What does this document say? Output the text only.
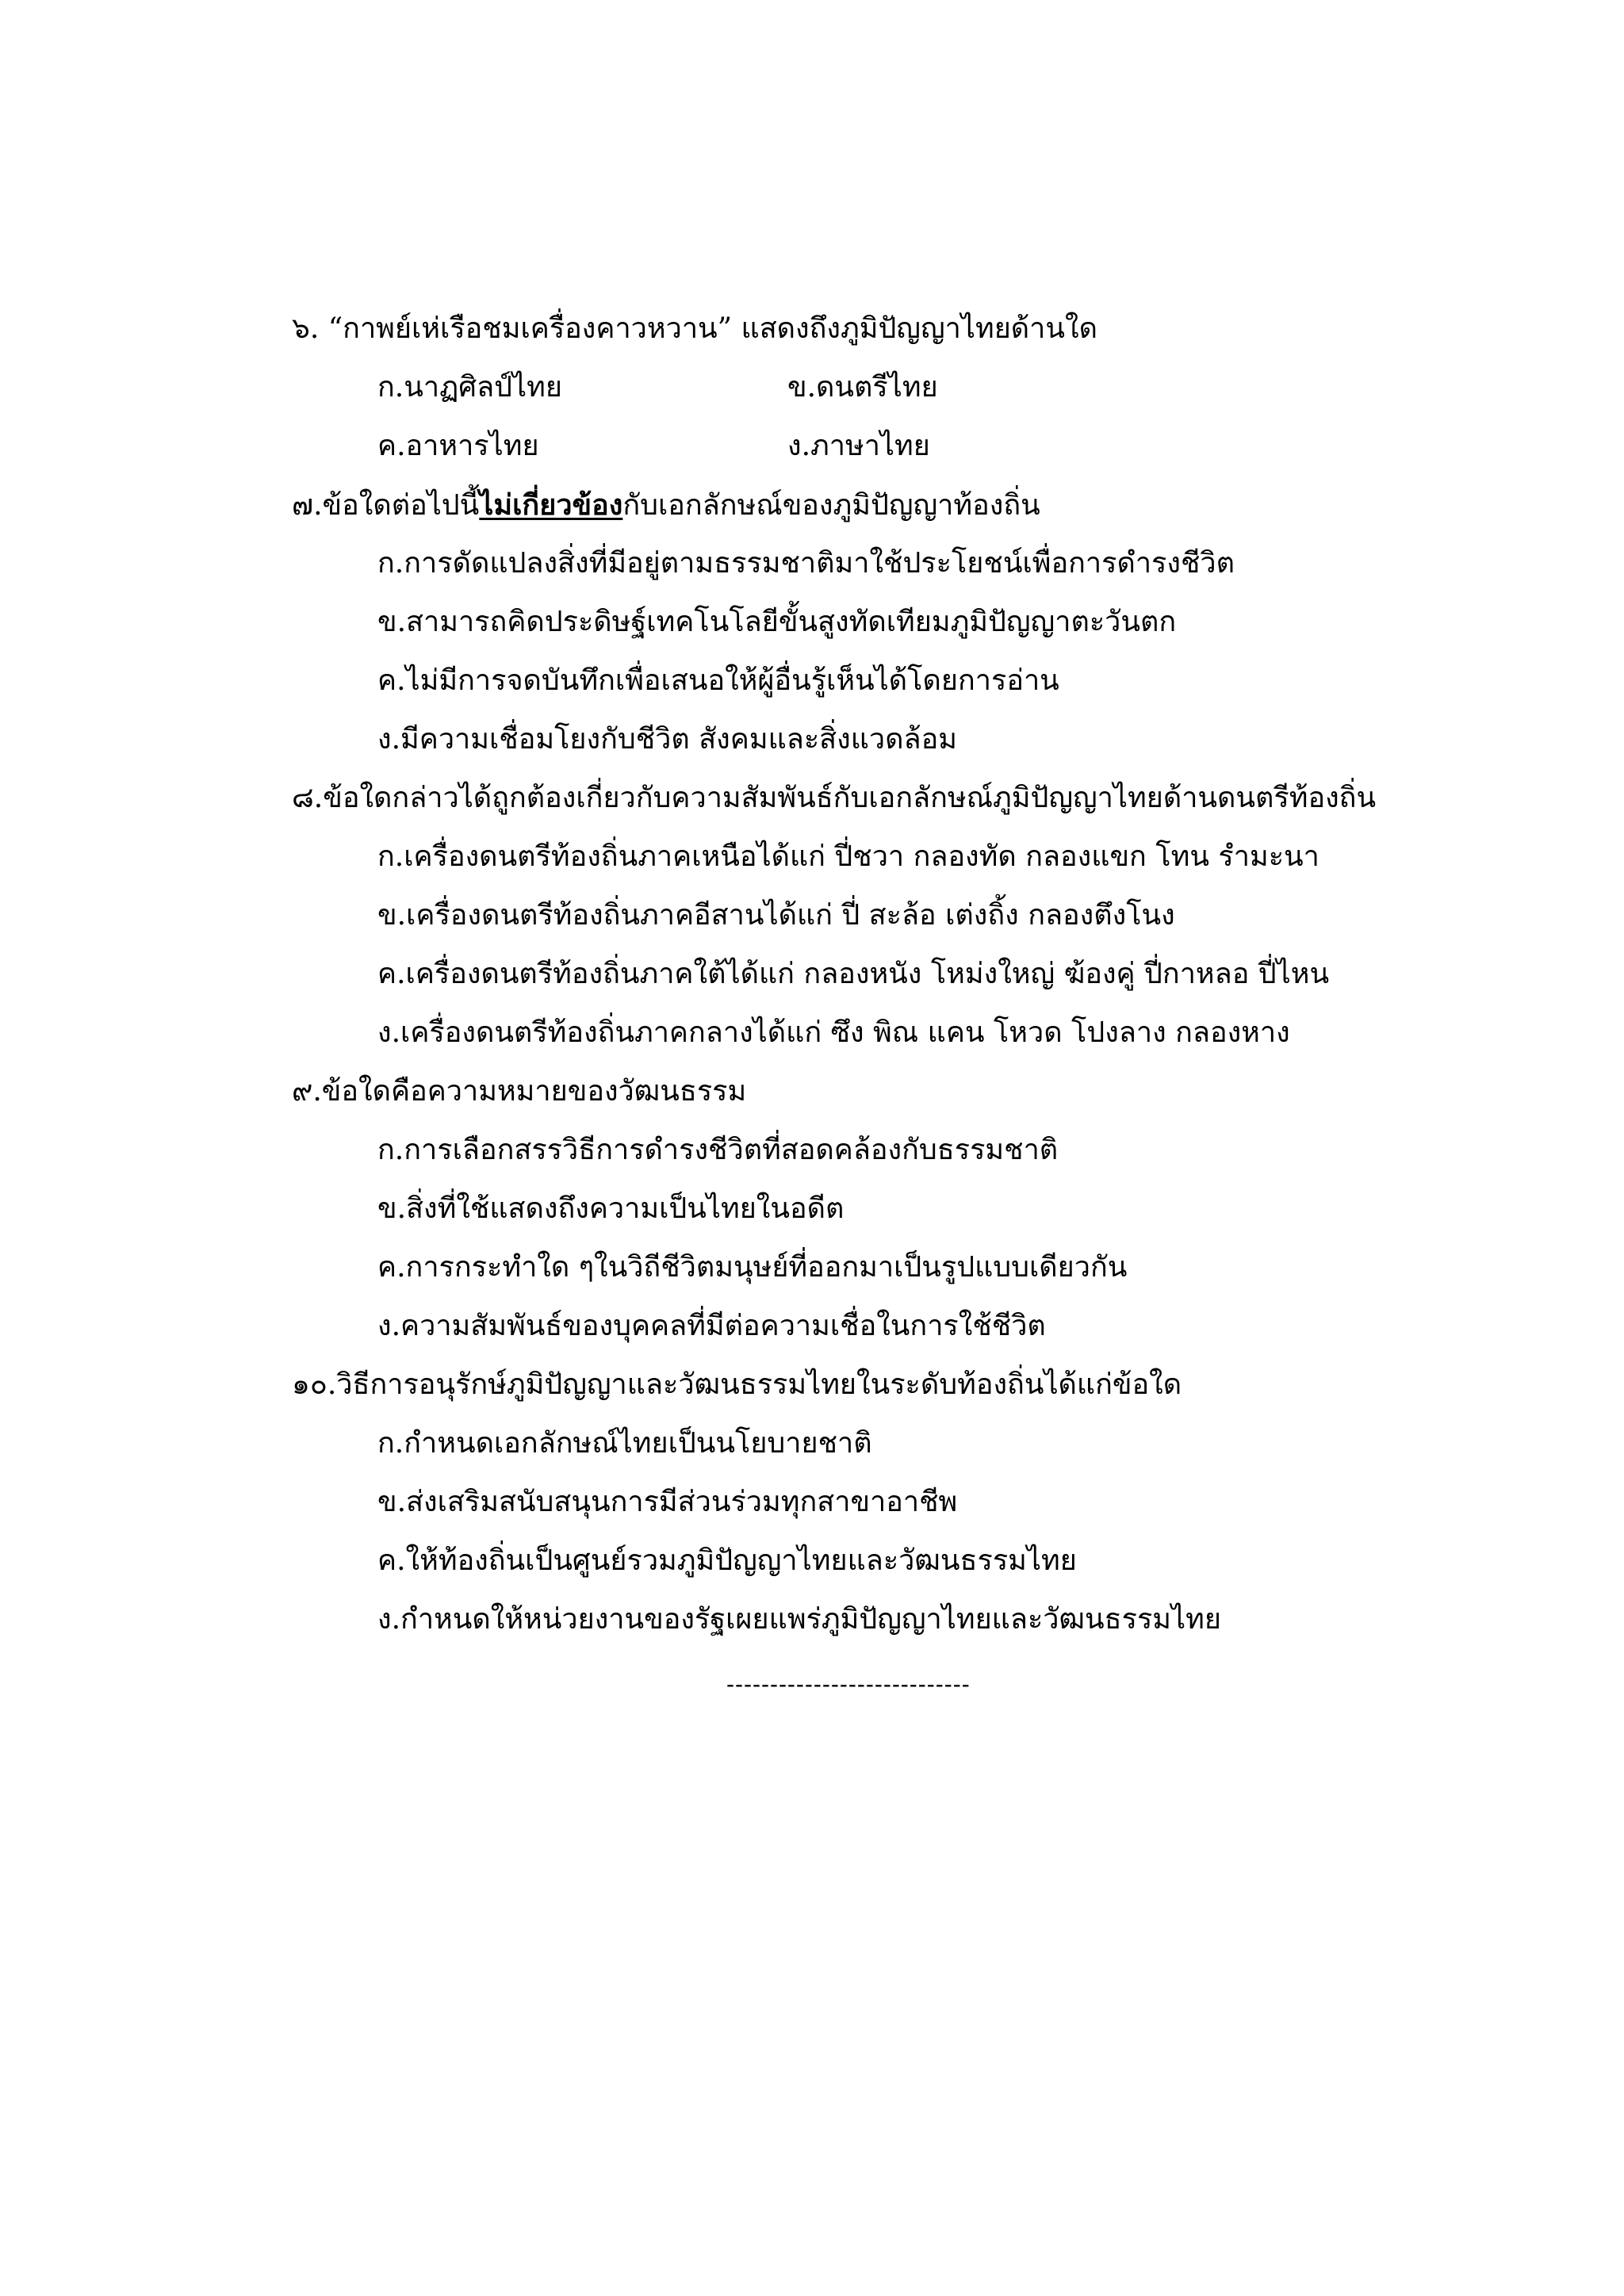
๖. “กาพย์เห่เรือชมเครื่องคาวหวาน” แสดงถึงภูมิปัญญาไทยด้านใด
ก.นาฏศิลป์ไทย	ข.ดนตรีไทย
ค.อาหารไทย	ง.ภาษาไทย
๗.ข้อใดต่อไปนี้ไม่เกี่ยวข้องกับเอกลักษณ์ของภูมิปัญญาท้องถิ่น
ก.การดัดแปลงสิ่งที่มีอยู่ตามธรรมชาติมาใช้ประโยชน์เพื่อการดำรงชีวิต
ข.สามารถคิดประดิษฐ์เทคโนโลยีขั้นสูงทัดเทียมภูมิปัญญาตะวันตก
ค.ไม่มีการจดบันทึกเพื่อเสนอให้ผู้อื่นรู้เห็นได้โดยการอ่าน
ง.มีความเชื่อมโยงกับชีวิต สังคมและสิ่งแวดล้อม
๘.ข้อใดกล่าวได้ถูกต้องเกี่ยวกับความสัมพันธ์กับเอกลักษณ์ภูมิปัญญาไทยด้านดนตรีท้องถิ่น
ก.เครื่องดนตรีท้องถิ่นภาคเหนือได้แก่ ปี่ชวา กลองทัด กลองแขก โทน รำมะนา
ข.เครื่องดนตรีท้องถิ่นภาคอีสานได้แก่ ปี่ สะล้อ เต่งถิ้ง กลองตึงโนง
ค.เครื่องดนตรีท้องถิ่นภาคใต้ได้แก่ กลองหนัง โหม่งใหญ่ ฆ้องคู่ ปี่กาหลอ ปี่ไหน
ง.เครื่องดนตรีท้องถิ่นภาคกลางได้แก่ ซึง พิณ แคน โหวด โปงลาง กลองหาง
๙.ข้อใดคือความหมายของวัฒนธรรม
ก.การเลือกสรรวิธีการดำรงชีวิตที่สอดคล้องกับธรรมชาติ
ข.สิ่งที่ใช้แสดงถึงความเป็นไทยในอดีต
ค.การกระทำใด ๆในวิถีชีวิตมนุษย์ที่ออกมาเป็นรูปแบบเดียวกัน
ง.ความสัมพันธ์ของบุคคลที่มีต่อความเชื่อในการใช้ชีวิต
๑๐.วิธีการอนุรักษ์ภูมิปัญญาและวัฒนธรรมไทยในระดับท้องถิ่นได้แก่ข้อใด
ก.กำหนดเอกลักษณ์ไทยเป็นนโยบายชาติ
ข.ส่งเสริมสนับสนุนการมีส่วนร่วมทุกสาขาอาชีพ
ค.ให้ท้องถิ่นเป็นศูนย์รวมภูมิปัญญาไทยและวัฒนธรรมไทย
ง.กำหนดให้หน่วยงานของรัฐเผยแพร่ภูมิปัญญาไทยและวัฒนธรรมไทย
----------------------------
